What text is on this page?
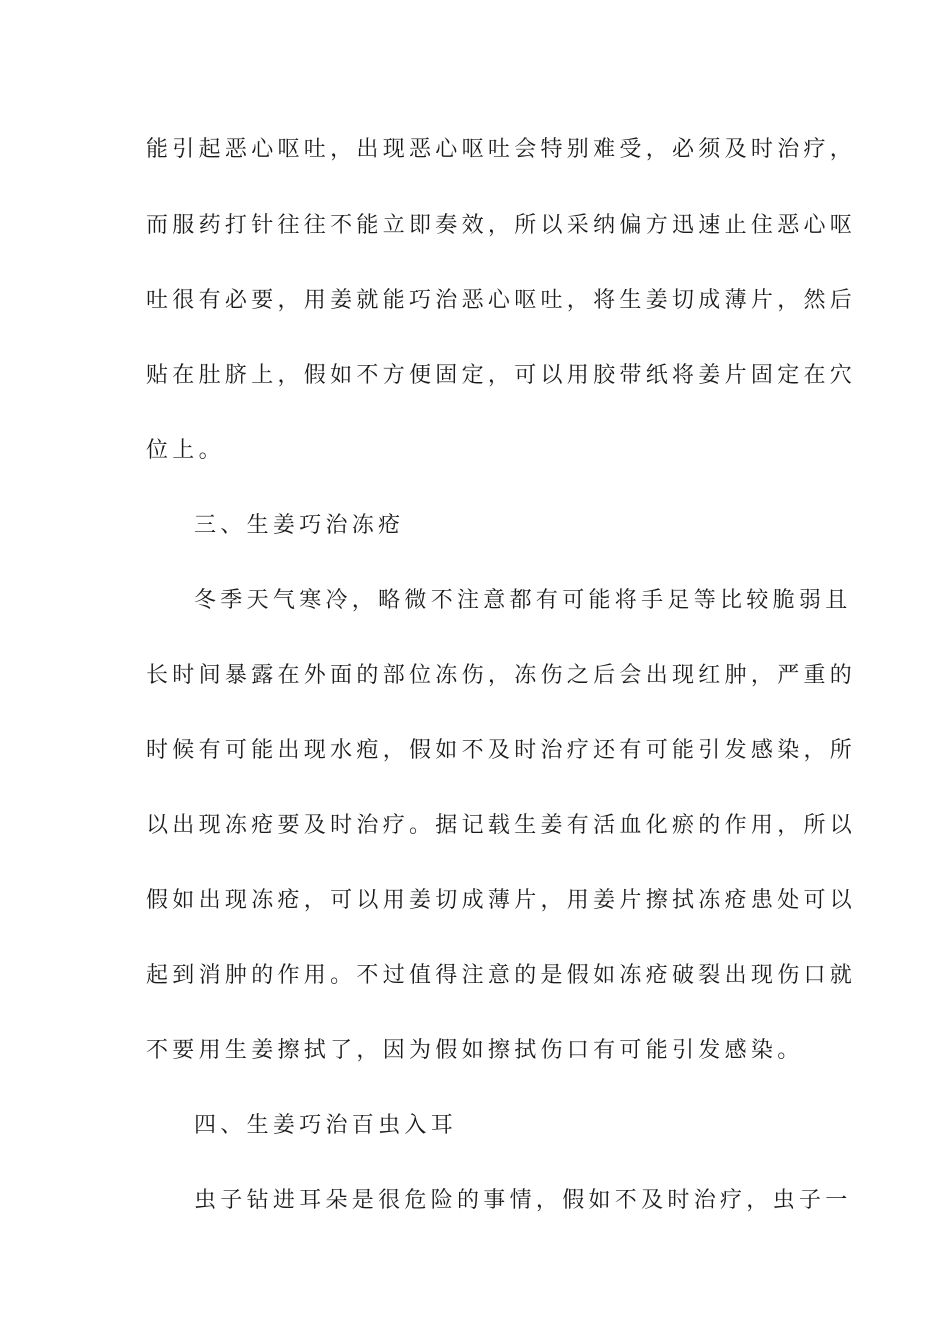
能引起恶心呕吐，出现恶心呕吐会特别难受，必须及时治疗，
而服药打针往往不能立即奏效，所以采纳偏方迅速止住恶心呕
吐很有必要，用姜就能巧治恶心呕吐，将生姜切成薄片，然后
贴在肚脐上，假如不方便固定，可以用胶带纸将姜片固定在穴
位上。
三、生姜巧治冻疮
冬季天气寒冷，略微不注意都有可能将手足等比较脆弱且
长时间暴露在外面的部位冻伤，冻伤之后会出现红肿，严重的
时候有可能出现水疱，假如不及时治疗还有可能引发感染，所
以出现冻疮要及时治疗。据记载生姜有活血化瘀的作用，所以
假如出现冻疮，可以用姜切成薄片，用姜片擦拭冻疮患处可以
起到消肿的作用。不过值得注意的是假如冻疮破裂出现伤口就
不要用生姜擦拭了，因为假如擦拭伤口有可能引发感染。
四、生姜巧治百虫入耳
虫子钻进耳朵是很危险的事情，假如不及时治疗，虫子一
